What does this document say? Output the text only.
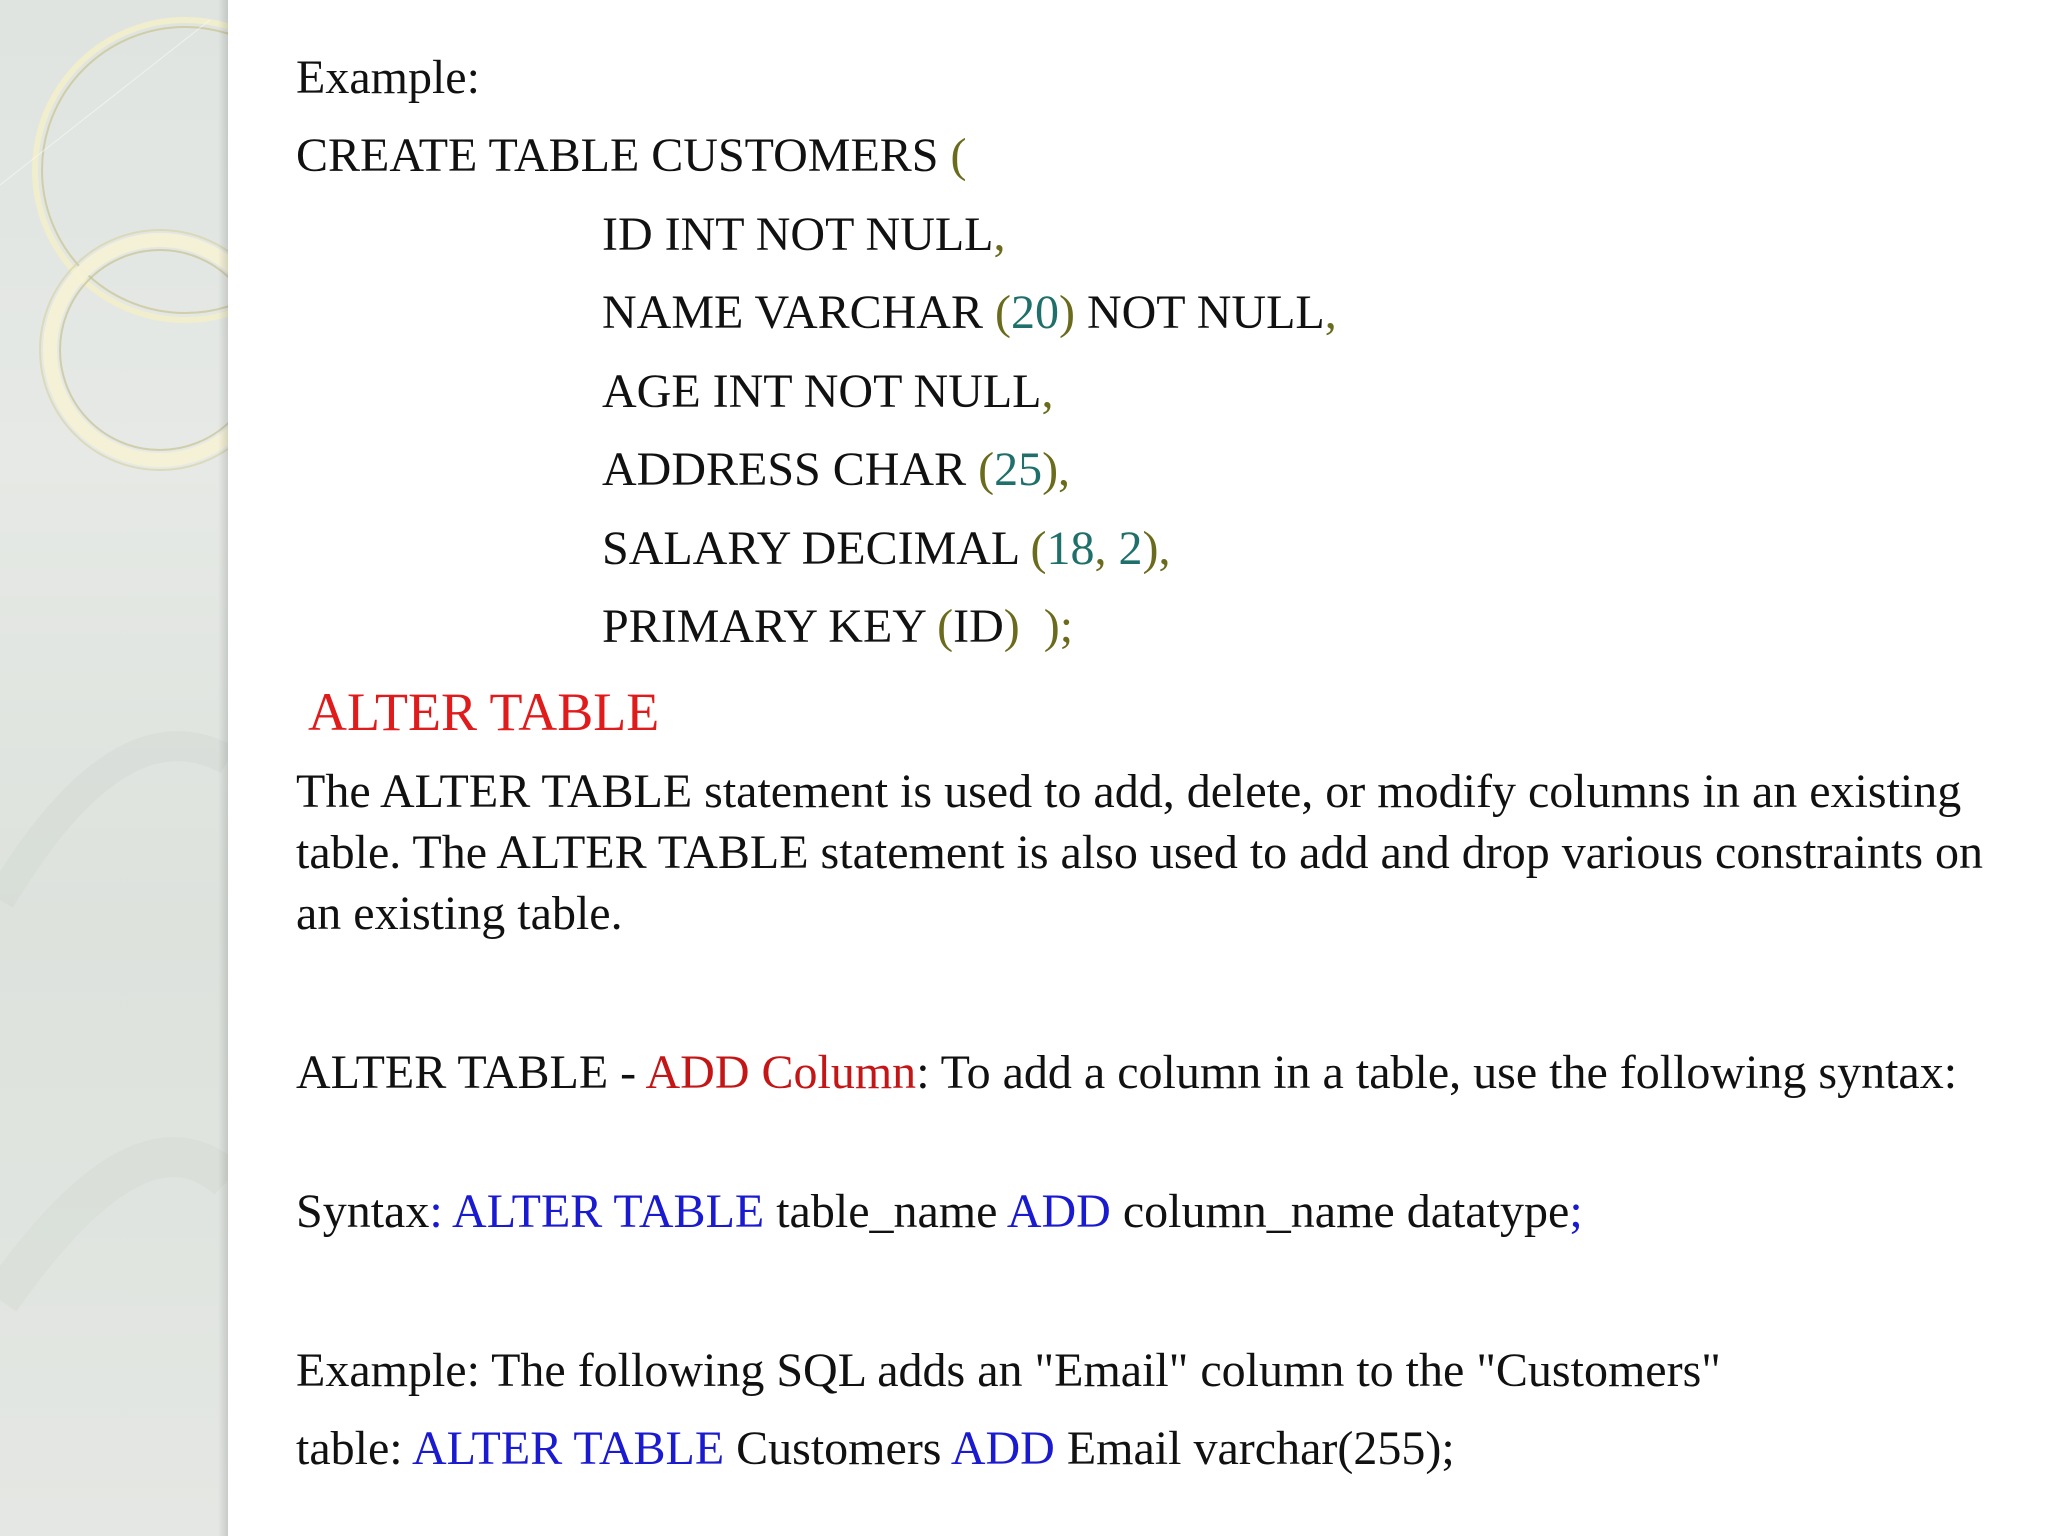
Example:
CREATE TABLE CUSTOMERS (
ID INT NOT NULL,
NAME VARCHAR (20) NOT NULL,
AGE INT NOT NULL,
ADDRESS CHAR (25),
SALARY DECIMAL (18, 2),
PRIMARY KEY (ID) );
ALTER TABLE
The ALTER TABLE statement is used to add, delete, or modify columns in an existing table. The ALTER TABLE statement is also used to add and drop various constraints on an existing table.
ALTER TABLE - ADD Column: To add a column in a table, use the following syntax:
Syntax: ALTER TABLE table_name ADD column_name datatype;
Example: The following SQL adds an "Email" column to the "Customers"
table: ALTER TABLE Customers ADD Email varchar(255);
